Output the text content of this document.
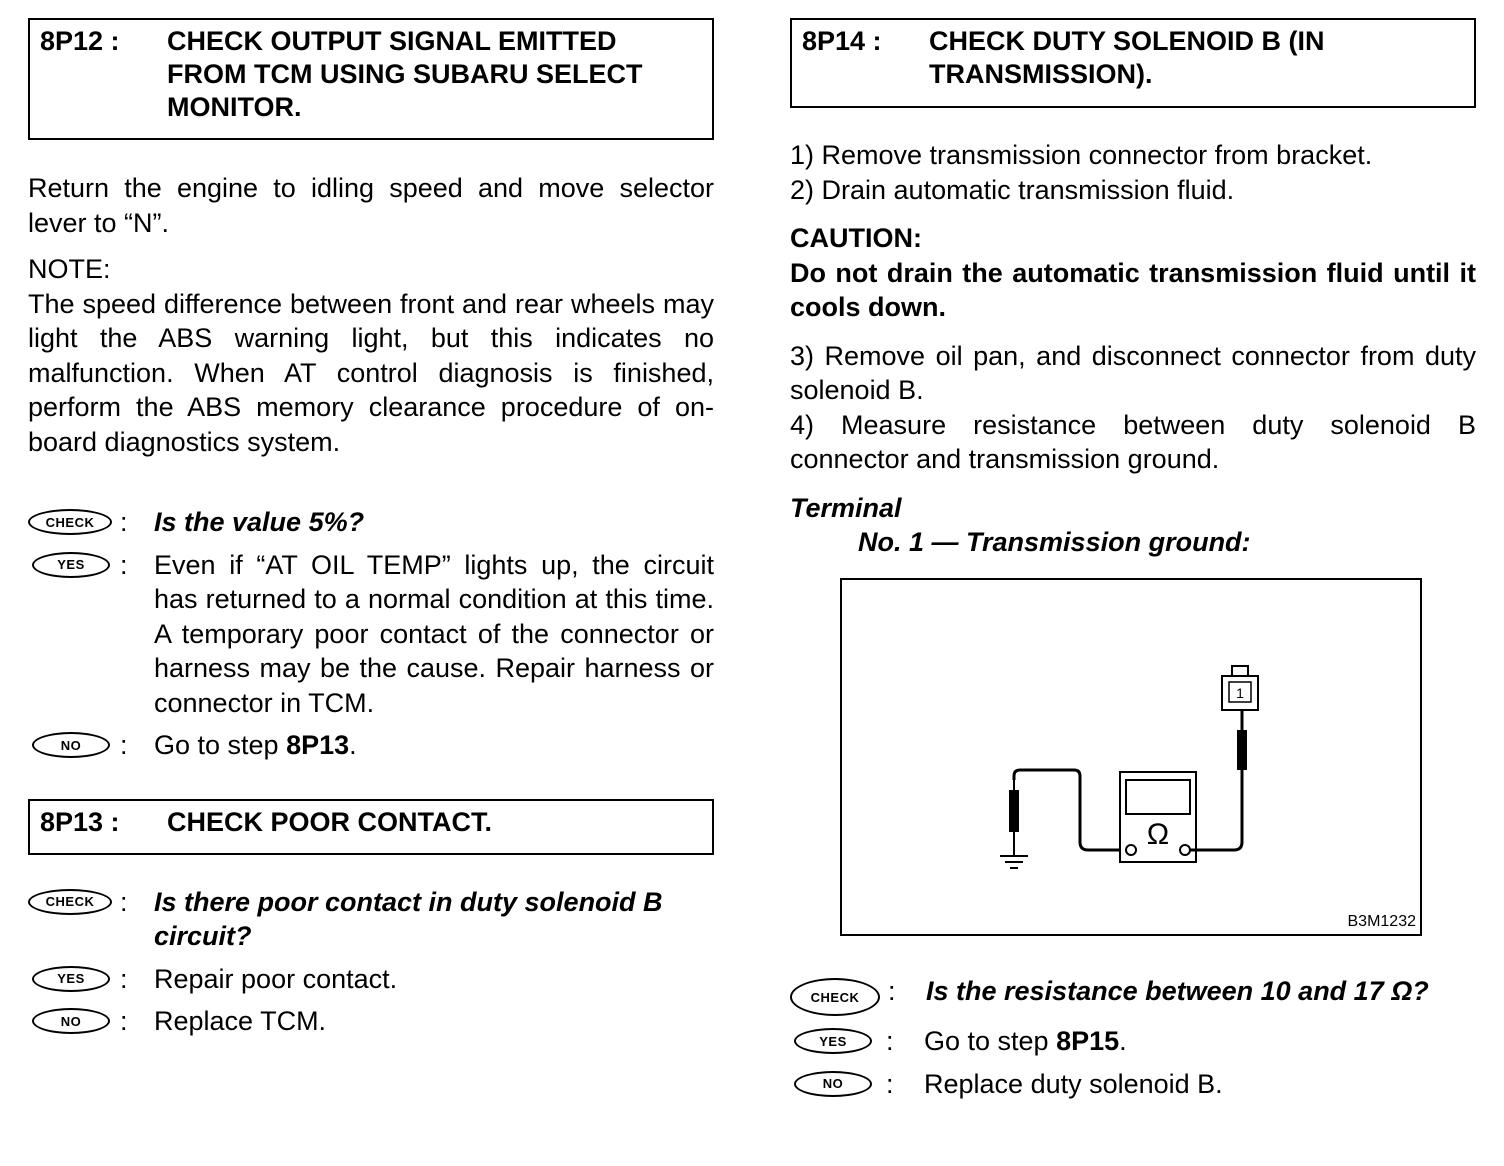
8P12 :	CHECK OUTPUT SIGNAL EMITTED FROM TCM USING SUBARU SELECT MONITOR.

Return the engine to idling speed and move selector lever to “N”.

NOTE:

The speed difference between front and rear wheels may light the ABS warning light, but this indicates no malfunction. When AT control diagnosis is finished, perform the ABS memory clearance procedure of on-board diagnostics system.

CHECK : Is the value 5%?
YES	: Even if “AT OIL TEMP” lights up, the circuit has returned to a normal condition at this time. A temporary poor contact of the connector or harness may be the cause. Repair harness or connector in TCM.
NO	: Go to step 8P13.
8P13 :	CHECK POOR CONTACT.
CHECK : Is there poor contact in duty solenoid B circuit?
YES	: Repair poor contact.
NO	: Replace TCM.
8P14 :	CHECK DUTY SOLENOID B (IN TRANSMISSION).

1) Remove transmission connector from bracket.

2) Drain automatic transmission fluid.

CAUTION:

Do not drain the automatic transmission fluid until it cools down.

3) Remove oil pan, and disconnect connector from duty solenoid B.

4) Measure resistance between duty solenoid B connector and transmission ground.

Terminal

No. 1 — Transmission ground:

Ω
1
B3M1232
CHECK	:	Is the resistance between 10 and 17 Ω?
YES	:	Go to step 8P15.
NO	:	Replace duty solenoid B.
